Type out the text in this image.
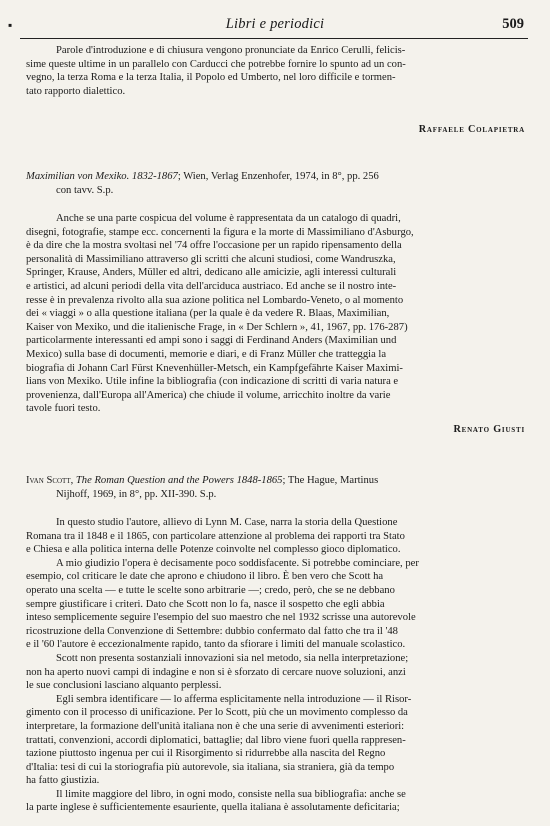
▪	Libri e periodici	509

Parole d'introduzione e di chiusura vengono pronunciate da Enrico Cerulli, felicis-

sime queste ultime in un parallelo con Carducci che potrebbe fornire lo spunto ad un con-

vegno, la terza Roma e la terza Italia, il Popolo ed Umberto, nel loro difficile e tormen-

tato rapporto dialettico.

Raffaele Colapietra
Maximilian von Mexiko. 1832-1867; Wien, Verlag Enzenhofer, 1974, in 8°, pp. 256
con tavv. S.p.

Anche se una parte cospicua del volume è rappresentata da un catalogo di quadri,

disegni, fotografie, stampe ecc. concernenti la figura e la morte di Massimiliano d'Asburgo,

è da dire che la mostra svoltasi nel '74 offre l'occasione per un rapido ripensamento della

personalità di Massimiliano attraverso gli scritti che alcuni studiosi, come Wandruszka,

Springer, Krause, Anders, Müller ed altri, dedicano alle amicizie, agli interessi culturali

e artistici, ad alcuni periodi della vita dell'arciduca austriaco. Ed anche se il nostro inte-

resse è in prevalenza rivolto alla sua azione politica nel Lombardo-Veneto, o al momento

dei « viaggi » o alla questione italiana (per la quale è da vedere R. Blaas, Maximilian,

Kaiser von Mexiko, und die italienische Frage, in « Der Schlern », 41, 1967, pp. 176-287)

particolarmente interessanti ed ampi sono i saggi di Ferdinand Anders (Maximilian und

Mexico) sulla base di documenti, memorie e diari, e di Franz Müller che tratteggia la

biografia di Johann Carl Fürst Knevenhüller-Metsch, ein Kampfgefährte Kaiser Maximi-

lians von Mexiko. Utile infine la bibliografia (con indicazione di scritti di varia natura e

provenienza, dall'Europa all'America) che chiude il volume, arricchito inoltre da varie

tavole fuori testo.

Renato Giusti
Ivan Scott, The Roman Question and the Powers 1848-1865; The Hague, Martinus
Nijhoff, 1969, in 8°, pp. XII-390. S.p.

In questo studio l'autore, allievo di Lynn M. Case, narra la storia della Questione

Romana tra il 1848 e il 1865, con particolare attenzione al problema dei rapporti tra Stato

e Chiesa e alla politica interna delle Potenze coinvolte nel complesso gioco diplomatico.

A mio giudizio l'opera è decisamente poco soddisfacente. Si potrebbe cominciare, per

esempio, col criticare le date che aprono e chiudono il libro. È ben vero che Scott ha

operato una scelta — e tutte le scelte sono arbitrarie —; credo, però, che se ne debbano

sempre giustificare i criteri. Dato che Scott non lo fa, nasce il sospetto che egli abbia

inteso semplicemente seguire l'esempio del suo maestro che nel 1932 scrisse una autorevole

ricostruzione della Convenzione di Settembre: dubbio confermato dal fatto che tra il '48

e il '60 l'autore è eccezionalmente rapido, tanto da sfiorare i limiti del manuale scolastico.

Scott non presenta sostanziali innovazioni sia nel metodo, sia nella interpretazione;

non ha aperto nuovi campi di indagine e non si è sforzato di cercare nuove soluzioni, anzi

le sue conclusioni lasciano alquanto perplessi.

Egli sembra identificare — lo afferma esplicitamente nella introduzione — il Risor-

gimento con il processo di unificazione. Per lo Scott, più che un movimento complesso da

interpretare, la formazione dell'unità italiana non è che una serie di avvenimenti esteriori:

trattati, convenzioni, accordi diplomatici, battaglie; dal libro viene fuori quella rappresen-

tazione piuttosto ingenua per cui il Risorgimento si ridurrebbe alla nascita del Regno

d'Italia: tesi di cui la storiografia più autorevole, sia italiana, sia straniera, già da tempo

ha fatto giustizia.

Il limite maggiore del libro, in ogni modo, consiste nella sua bibliografia: anche se

la parte inglese è sufficientemente esauriente, quella italiana è assolutamente deficitaria;
